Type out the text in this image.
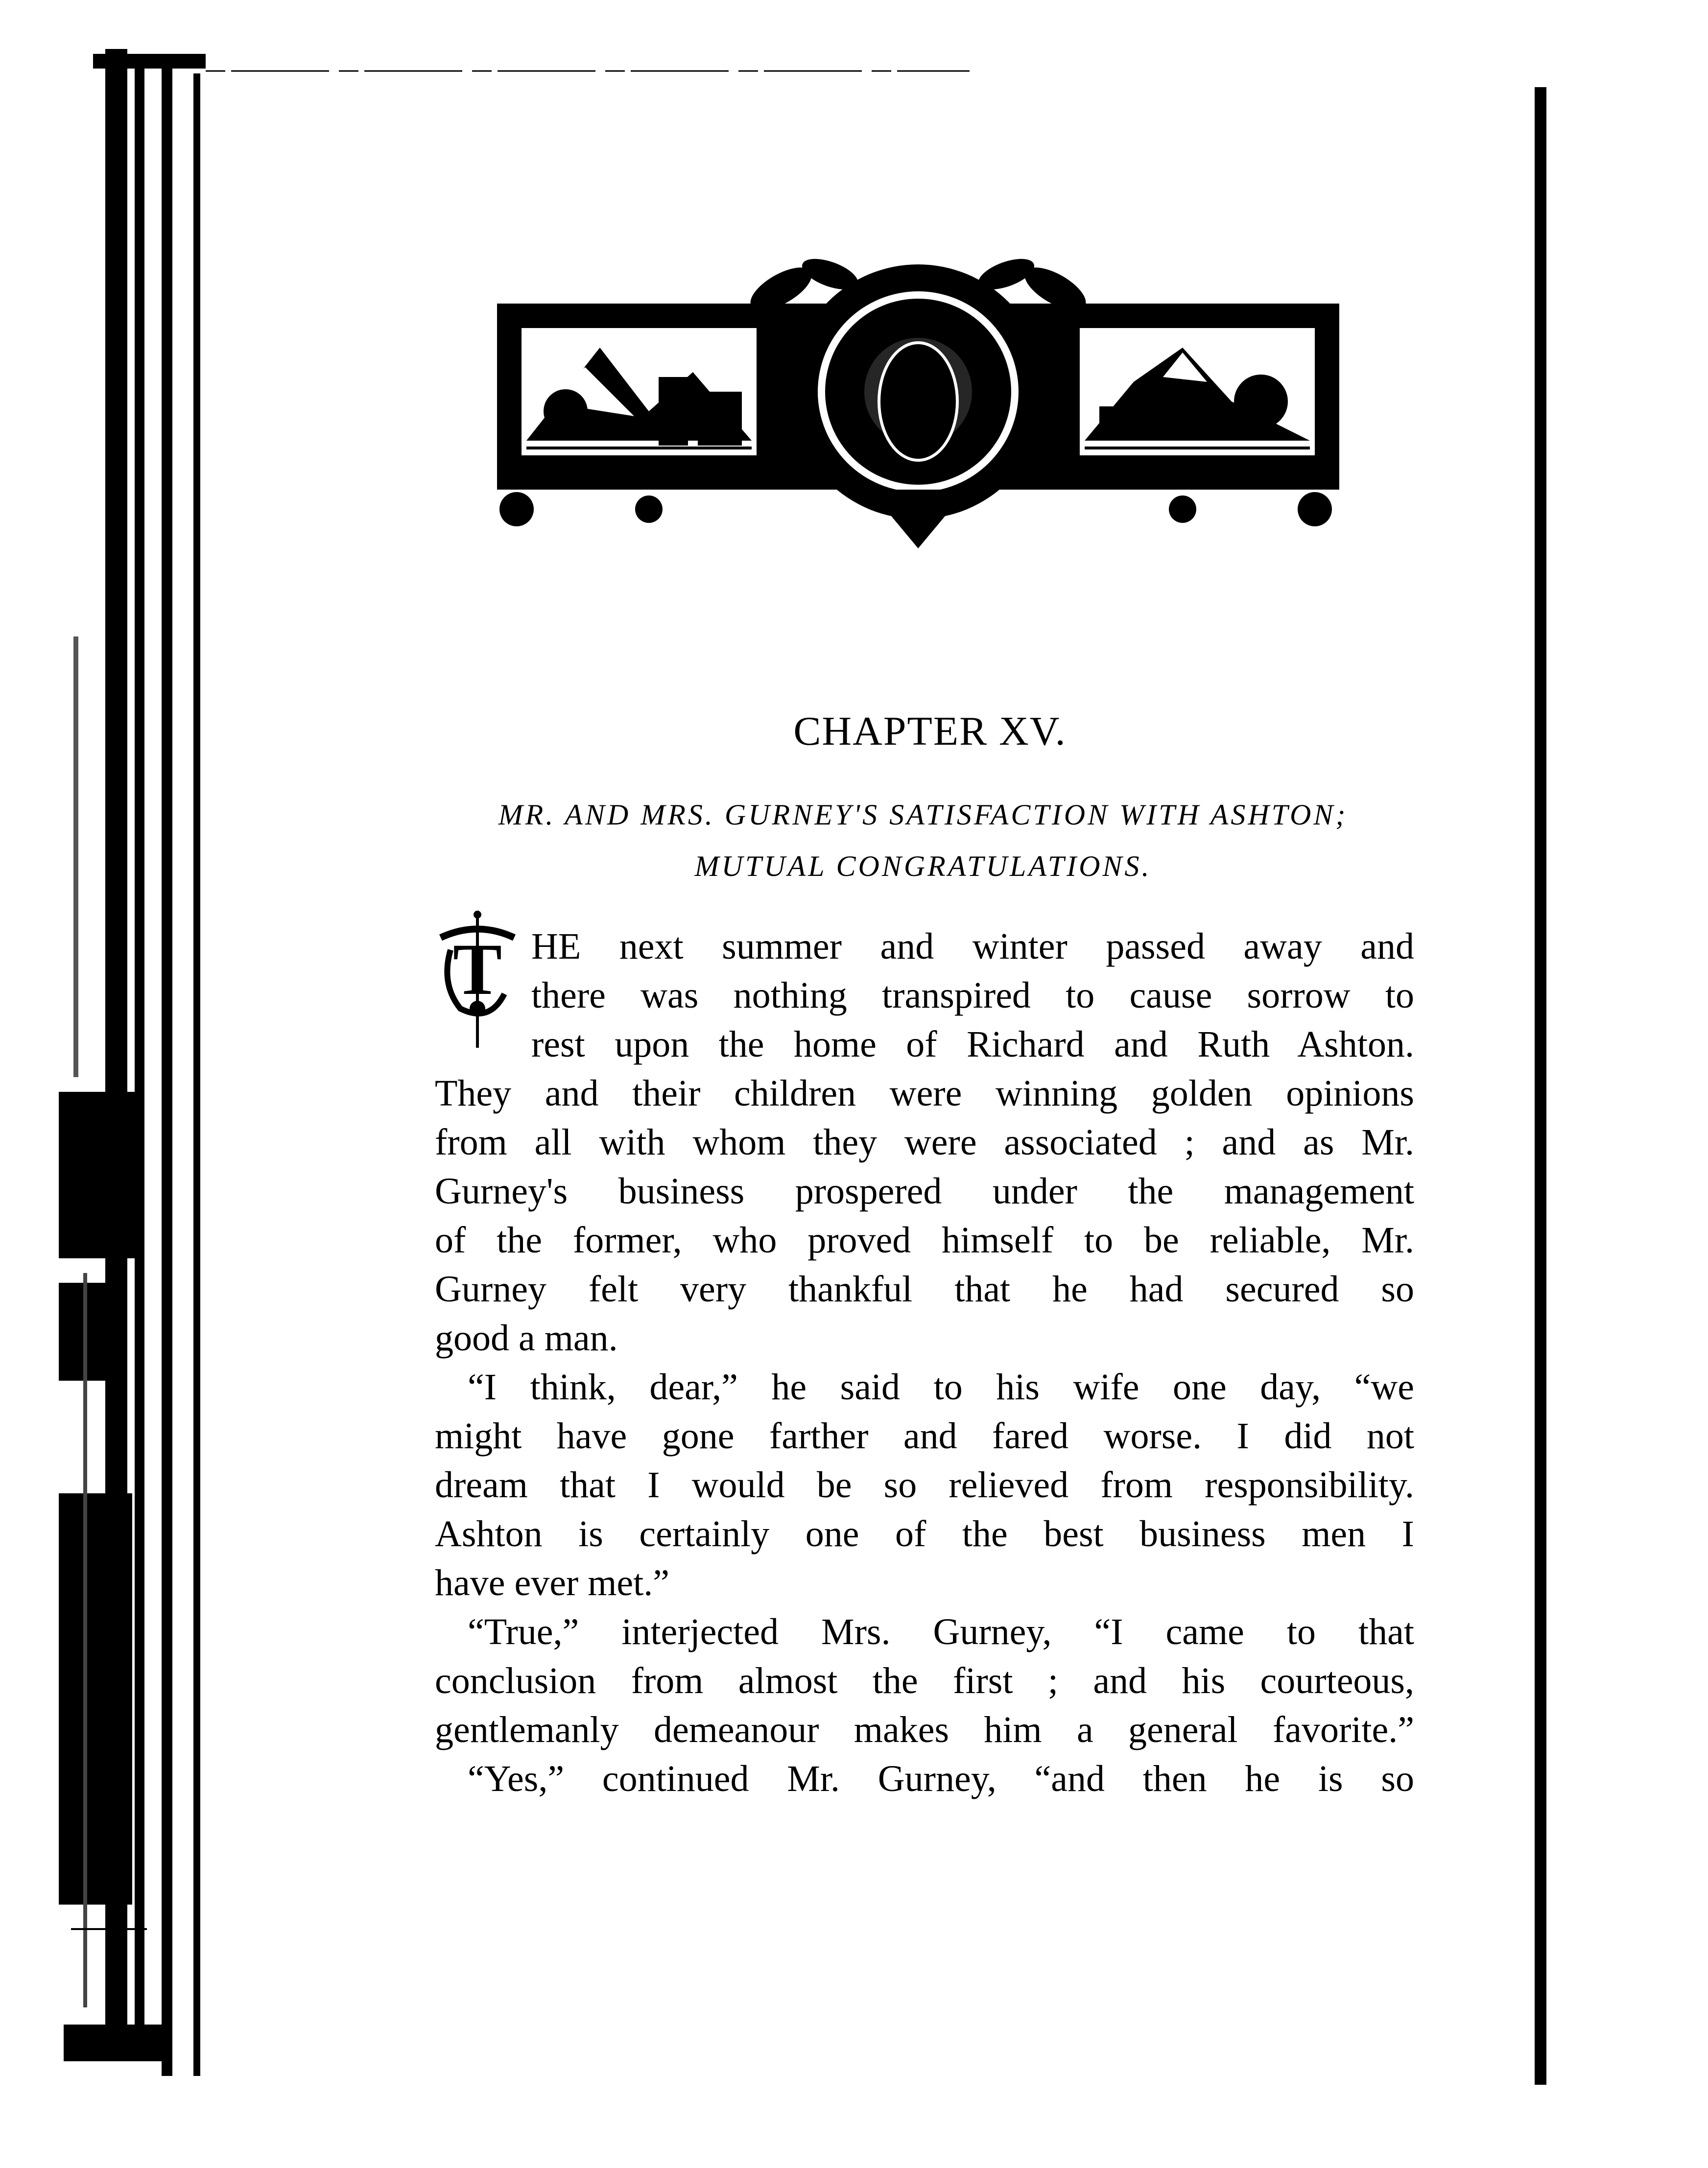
CHAPTER XV.
MR. AND MRS. GURNEY'S SATISFACTION WITH ASHTON;
MUTUAL CONGRATULATIONS.
T HE next summer and winter passed away and
there was nothing transpired to cause sorrow to
rest upon the home of Richard and Ruth Ashton.
They and their children were winning golden opinions
from all with whom they were associated ; and as Mr.
Gurney's business prospered under the management
of the former, who proved himself to be reliable, Mr.
Gurney felt very thankful that he had secured so
good a man.
“I think, dear,” he said to his wife one day, “we
might have gone farther and fared worse. I did not
dream that I would be so relieved from responsibility.
Ashton is certainly one of the best business men I
have ever met.”
“True,” interjected Mrs. Gurney, “I came to that
conclusion from almost the first ; and his courteous,
gentlemanly demeanour makes him a general favorite.”
“Yes,” continued Mr. Gurney, “and then he is so
